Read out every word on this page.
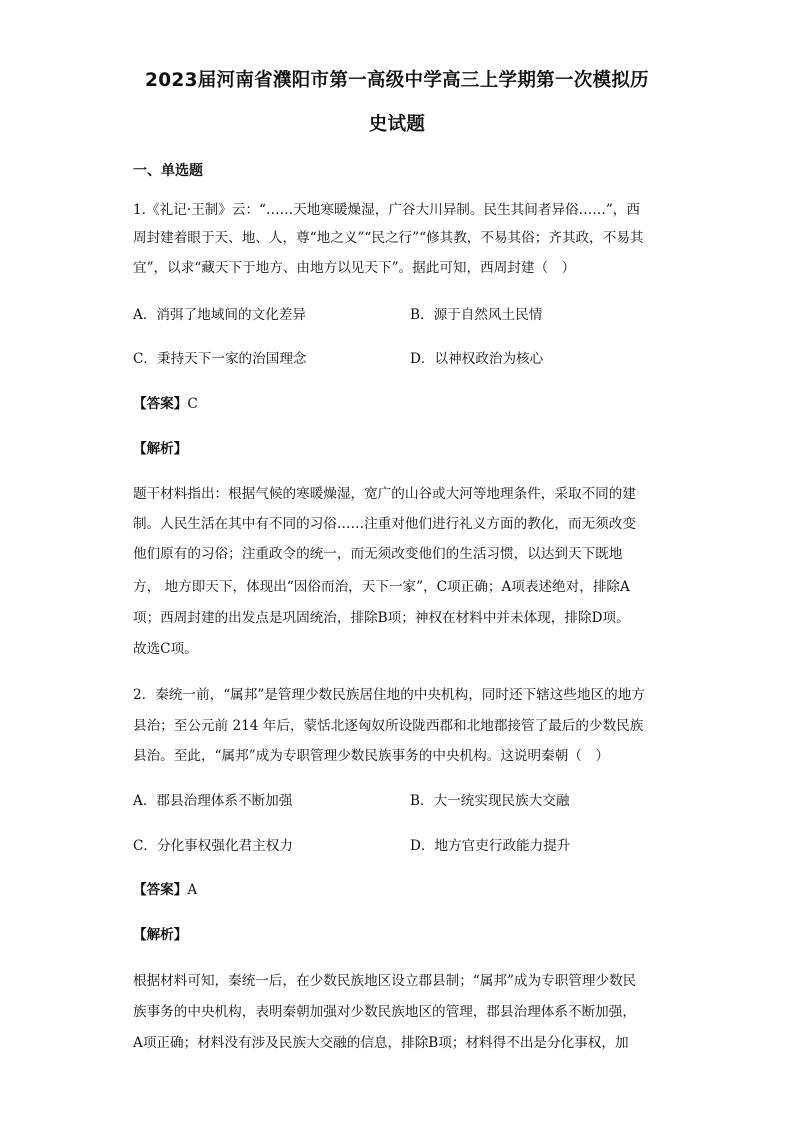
2023届河南省濮阳市第一高级中学高三上学期第一次模拟历
史试题
一、单选题
1.《礼记·王制》云：“……天地寒暖燥湿，广谷大川异制。民生其间者异俗……”，西
周封建着眼于天、地、人，尊“地之义”“民之行”“修其教，不易其俗；齐其政，不易其
宜”，以求“藏天下于地方、由地方以见天下”。据此可知，西周封建（　）
A．消弭了地域间的文化差异	B．源于自然风土民情
C．秉持天下一家的治国理念	D．以神权政治为核心
【答案】C
【解析】
题干材料指出：根据气候的寒暖燥湿，宽广的山谷或大河等地理条件，采取不同的建
制。人民生活在其中有不同的习俗……注重对他们进行礼义方面的教化，而无须改变
他们原有的习俗；注重政令的统一，而无须改变他们的生活习惯，以达到天下既地
方， 地方即天下，体现出“因俗而治，天下一家”，C项正确；A项表述绝对，排除A
项；西周封建的出发点是巩固统治，排除B项；神权在材料中并未体现，排除D项。
故选C项。
2．秦统一前，“属邦”是管理少数民族居住地的中央机构，同时还下辖这些地区的地方
县治；至公元前 214 年后，蒙恬北逐匈奴所设陇西郡和北地郡接管了最后的少数民族
县治。至此，“属邦”成为专职管理少数民族事务的中央机构。这说明秦朝（　）
A．郡县治理体系不断加强	B．大一统实现民族大交融
C．分化事权强化君主权力	D．地方官吏行政能力提升
【答案】A
【解析】
根据材料可知，秦统一后，在少数民族地区设立郡县制；“属邦”成为专职管理少数民
族事务的中央机构，表明秦朝加强对少数民族地区的管理，郡县治理体系不断加强，
A项正确；材料没有涉及民族大交融的信息，排除B项；材料得不出是分化事权，加
